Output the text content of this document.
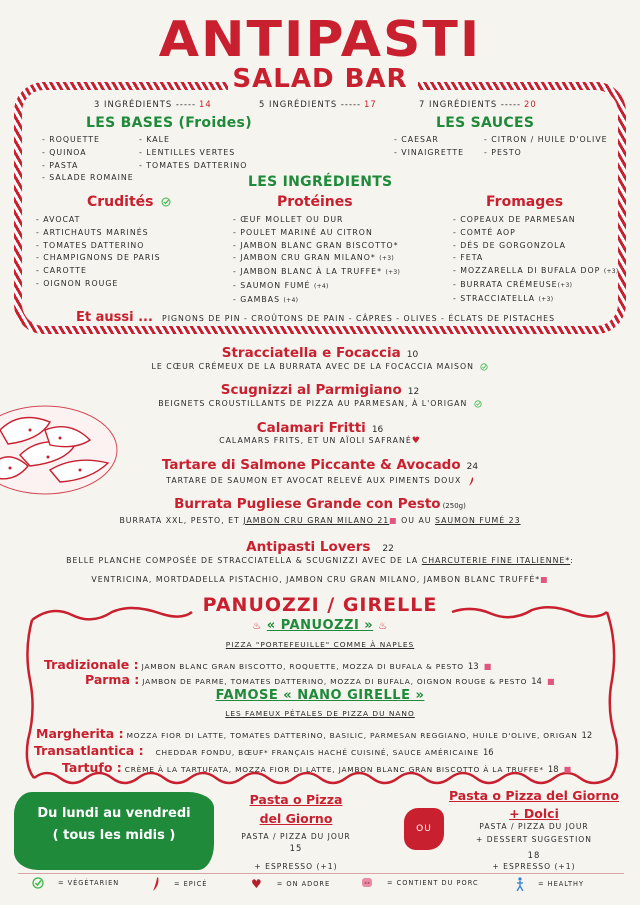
ANTIPASTI
SALAD BAR
3 INGRÉDIENTS ----- 14	5 INGRÉDIENTS ----- 17	7 INGRÉDIENTS ----- 20
LES BASES (Froides)
- ROQUETTE
- QUINOA
- PASTA
- SALADE ROMAINE
- KALE
- LENTILLES VERTES
- TOMATES DATTERINO
LES SAUCES
- CAESAR
- VINAIGRETTE
- CITRON / HUILE D'OLIVE
- PESTO
LES INGRÉDIENTS
Crudités
- AVOCAT
- ARTICHAUTS MARINÉS
- TOMATES DATTERINO
- CHAMPIGNONS DE PARIS
- CAROTTE
- OIGNON ROUGE
Protéines
- ŒUF MOLLET OU DUR
- POULET MARINÉ AU CITRON
- JAMBON BLANC GRAN BISCOTTO*
- JAMBON CRU GRAN MILANO* (+3)
- JAMBON BLANC À LA TRUFFE* (+3)
- SAUMON FUMÉ (+4)
- GAMBAS (+4)
Fromages
- COPEAUX DE PARMESAN
- COMTÉ AOP
- DÉS DE GORGONZOLA
- FETA
- MOZZARELLA DI BUFALA DOP (+3)
- BURRATA CRÉMEUSE(+3)
- STRACCIATELLA (+3)
Et aussi ... PIGNONS DE PIN - CROÛTONS DE PAIN - CÂPRES - OLIVES - ÉCLATS DE PISTACHES
Stracciatella e Focaccia 10
LE CŒUR CRÉMEUX DE LA BURRATA AVEC DE LA FOCACCIA MAISON
Scugnizzi al Parmigiano 12
BEIGNETS CROUSTILLANTS DE PIZZA AU PARMESAN, À L'ORIGAN
Calamari Fritti 16
CALAMARS FRITS, ET UN AÏOLI SAFRANÉ♥
Tartare di Salmone Piccante & Avocado 24
TARTARE DE SAUMON ET AVOCAT RELEVÉ AUX PIMENTS DOUX
Burrata Pugliese Grande con Pesto (250g)
BURRATA XXL, PESTO, ET JAMBON CRU GRAN MILANO 21■ OU AU SAUMON FUMÉ 23
Antipasti Lovers 22
BELLE PLANCHE COMPOSÉE DE STRACCIATELLA & SCUGNIZZI AVEC DE LA CHARCUTERIE FINE ITALIENNE*:
VENTRICINA, MORTDADELLA PISTACHIO, JAMBON CRU GRAN MILANO, JAMBON BLANC TRUFFÉ*■
PANUOZZI / GIRELLE
♨ « PANUOZZI » ♨
PIZZA "PORTEFEUILLE" COMME À NAPLES
Tradizionale : JAMBON BLANC GRAN BISCOTTO, ROQUETTE, MOZZA DI BUFALA & PESTO 13 ■
Parma : JAMBON DE PARME, TOMATES DATTERINO, MOZZA DI BUFALA, OIGNON ROUGE & PESTO 14 ■
FAMOSE « NANO GIRELLE »
LES FAMEUX PÉTALES DE PIZZA DU NANO
Margherita : MOZZA FIOR DI LATTE, TOMATES DATTERINO, BASILIC, PARMESAN REGGIANO, HUILE D'OLIVE, ORIGAN 12
Transatlantica : CHEDDAR FONDU, BŒUF* FRANÇAIS HACHÉ CUISINÉ, SAUCE AMÉRICAINE 16
Tartufo : CRÈME À LA TARTUFATA, MOZZA FIOR DI LATTE, JAMBON BLANC GRAN BISCOTTO À LA TRUFFE* 18 ■
Du lundi au vendredi
( tous les midis )
Pasta o Pizza
del Giorno
PASTA / PIZZA DU JOUR
15
+ ESPRESSO (+1)
OU
Pasta o Pizza del Giorno
+ Dolci
PASTA / PIZZA DU JOUR
+ DESSERT SUGGESTION
18
+ ESPRESSO (+1)
= VÉGÉTARIEN	= EPICÉ	♥ = ON ADORE	= CONTIENT DU PORC	= HEALTHY
